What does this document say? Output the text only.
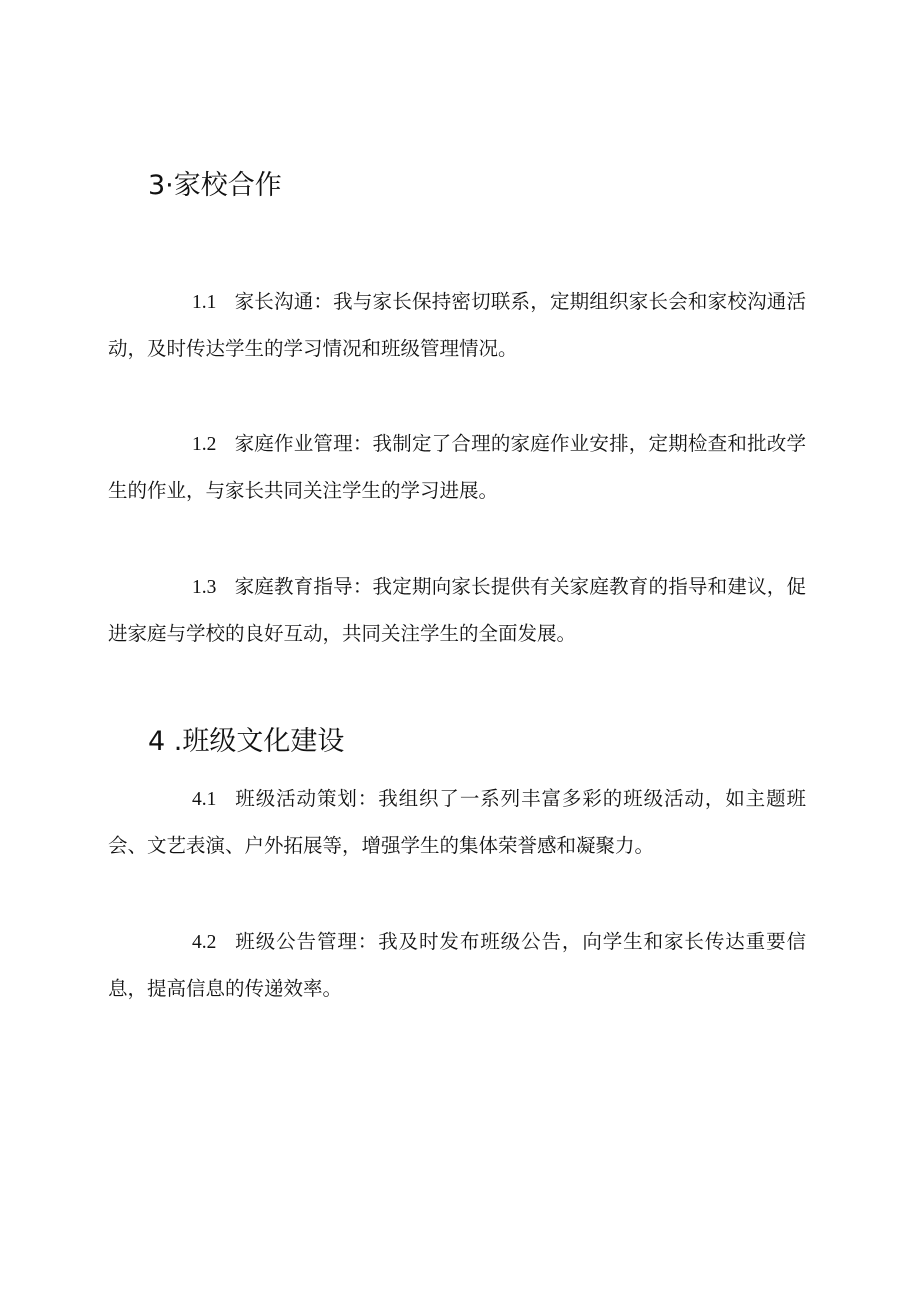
3·家校合作

1.1 家长沟通：我与家长保持密切联系，定期组织家长会和家校沟通活动，及时传达学生的学习情况和班级管理情况。

1.2 家庭作业管理：我制定了合理的家庭作业安排，定期检查和批改学生的作业，与家长共同关注学生的学习进展。

1.3 家庭教育指导：我定期向家长提供有关家庭教育的指导和建议，促进家庭与学校的良好互动，共同关注学生的全面发展。

4 .班级文化建设

4.1 班级活动策划：我组织了一系列丰富多彩的班级活动，如主题班会、文艺表演、户外拓展等，增强学生的集体荣誉感和凝聚力。

4.2 班级公告管理：我及时发布班级公告，向学生和家长传达重要信息，提高信息的传递效率。
